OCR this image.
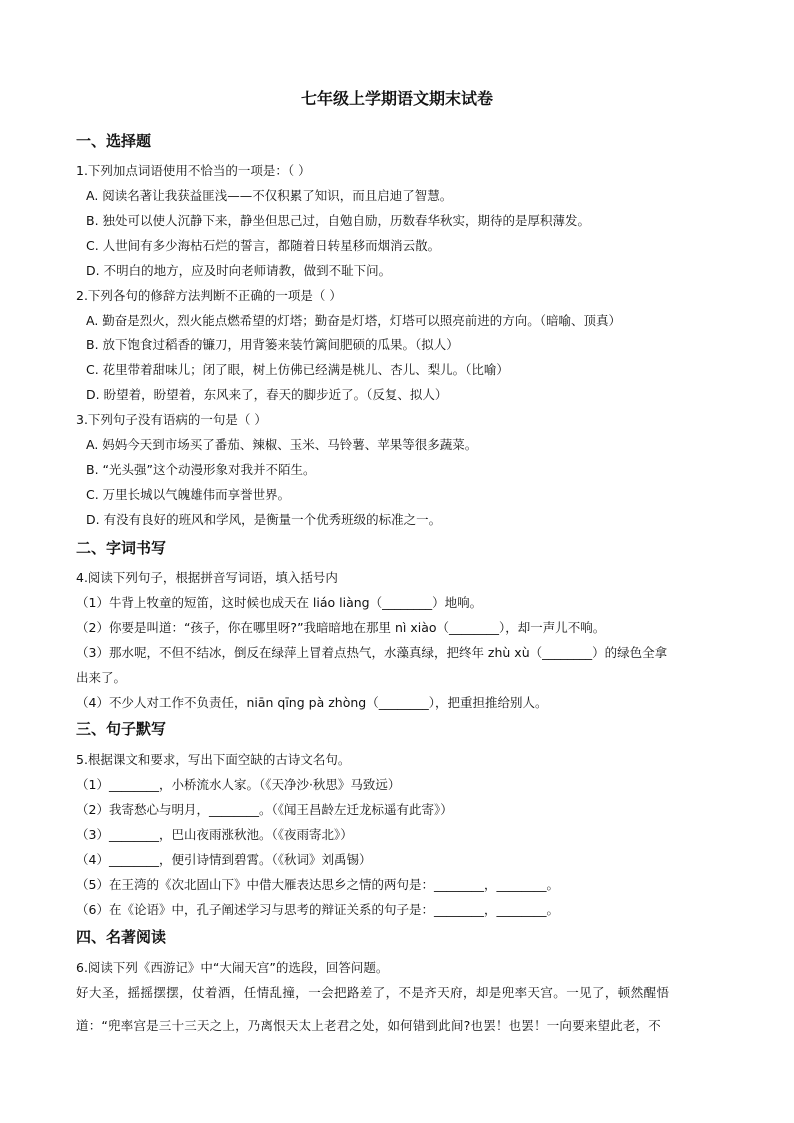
七年级上学期语文期末试卷
一、选择题
1.下列加点词语使用不恰当的一项是：（ ）
A. 阅读名著让我获益匪浅——不仅积累了知识，而且启迪了智慧。
B. 独处可以使人沉静下来，静坐但思己过，自勉自励，历数春华秋实，期待的是厚积薄发。
C. 人世间有多少海枯石烂的誓言，都随着日转星移而烟消云散。
D. 不明白的地方，应及时向老师请教，做到不耻下问。
2.下列各句的修辞方法判断不正确的一项是（ ）
A. 勤奋是烈火，烈火能点燃希望的灯塔；勤奋是灯塔，灯塔可以照亮前进的方向。（暗喻、顶真）
B. 放下饱食过稻香的镰刀，用背篓来装竹篱间肥硕的瓜果。（拟人）
C. 花里带着甜味儿；闭了眼，树上仿佛已经满是桃儿、杏儿、梨儿。（比喻）
D. 盼望着，盼望着，东风来了，春天的脚步近了。（反复、拟人）
3.下列句子没有语病的一句是（ ）
A. 妈妈今天到市场买了番茄、辣椒、玉米、马铃薯、苹果等很多蔬菜。
B. “光头强”这个动漫形象对我并不陌生。
C. 万里长城以气魄雄伟而享誉世界。
D. 有没有良好的班风和学风，是衡量一个优秀班级的标准之一。
二、字词书写
4.阅读下列句子，根据拼音写词语，填入括号内
（1）牛背上牧童的短笛，这时候也成天在 liáo liàng（________）地响。
（2）你要是叫道：“孩子，你在哪里呀?”我暗暗地在那里 nì xiào（________），却一声儿不响。
（3）那水呢，不但不结冰，倒反在绿萍上冒着点热气，水藻真绿，把终年 zhù xù（________）的绿色全拿
出来了。
（4）不少人对工作不负责任，niān qīng pà zhòng（________），把重担推给别人。
三、句子默写
5.根据课文和要求，写出下面空缺的古诗文名句。
（1）________，小桥流水人家。（《天净沙·秋思》马致远）
（2）我寄愁心与明月，________。（《闻王昌龄左迁龙标遥有此寄》）
（3）________，巴山夜雨涨秋池。（《夜雨寄北》）
（4）________，便引诗情到碧霄。（《秋词》刘禹锡）
（5）在王湾的《次北固山下》中借大雁表达思乡之情的两句是：________，________。
（6）在《论语》中，孔子阐述学习与思考的辩证关系的句子是：________，________。
四、名著阅读
6.阅读下列《西游记》中“大闹天宫”的选段，回答问题。
好大圣，摇摇摆摆，仗着酒，任情乱撞，一会把路差了，不是齐天府，却是兜率天宫。一见了，顿然醒悟
道：“兜率宫是三十三天之上，乃离恨天太上老君之处，如何错到此间?也罢！也罢！一向要来望此老，不
